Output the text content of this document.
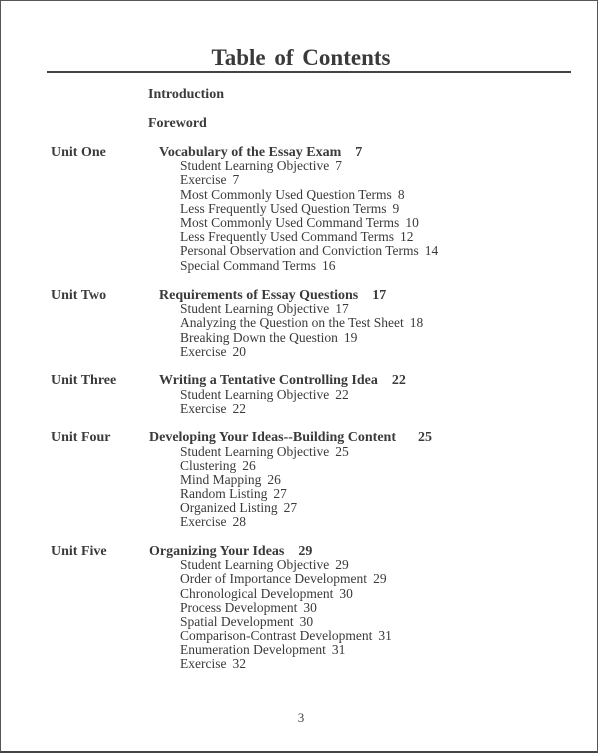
Table of Contents
Introduction
Foreword
Unit One	Vocabulary of the Essay Exam 7
Student Learning Objective 7
Exercise 7
Most Commonly Used Question Terms 8
Less Frequently Used Question Terms 9
Most Commonly Used Command Terms 10
Less Frequently Used Command Terms 12
Personal Observation and Conviction Terms 14
Special Command Terms 16
Unit Two	Requirements of Essay Questions 17
Student Learning Objective 17
Analyzing the Question on the Test Sheet 18
Breaking Down the Question 19
Exercise 20
Unit Three	Writing a Tentative Controlling Idea 22
Student Learning Objective 22
Exercise 22
Unit Four	Developing Your Ideas--Building Content 25
Student Learning Objective 25
Clustering 26
Mind Mapping 26
Random Listing 27
Organized Listing 27
Exercise 28
Unit Five	Organizing Your Ideas 29
Student Learning Objective 29
Order of Importance Development 29
Chronological Development 30
Process Development 30
Spatial Development 30
Comparison-Contrast Development 31
Enumeration Development 31
Exercise 32
3
